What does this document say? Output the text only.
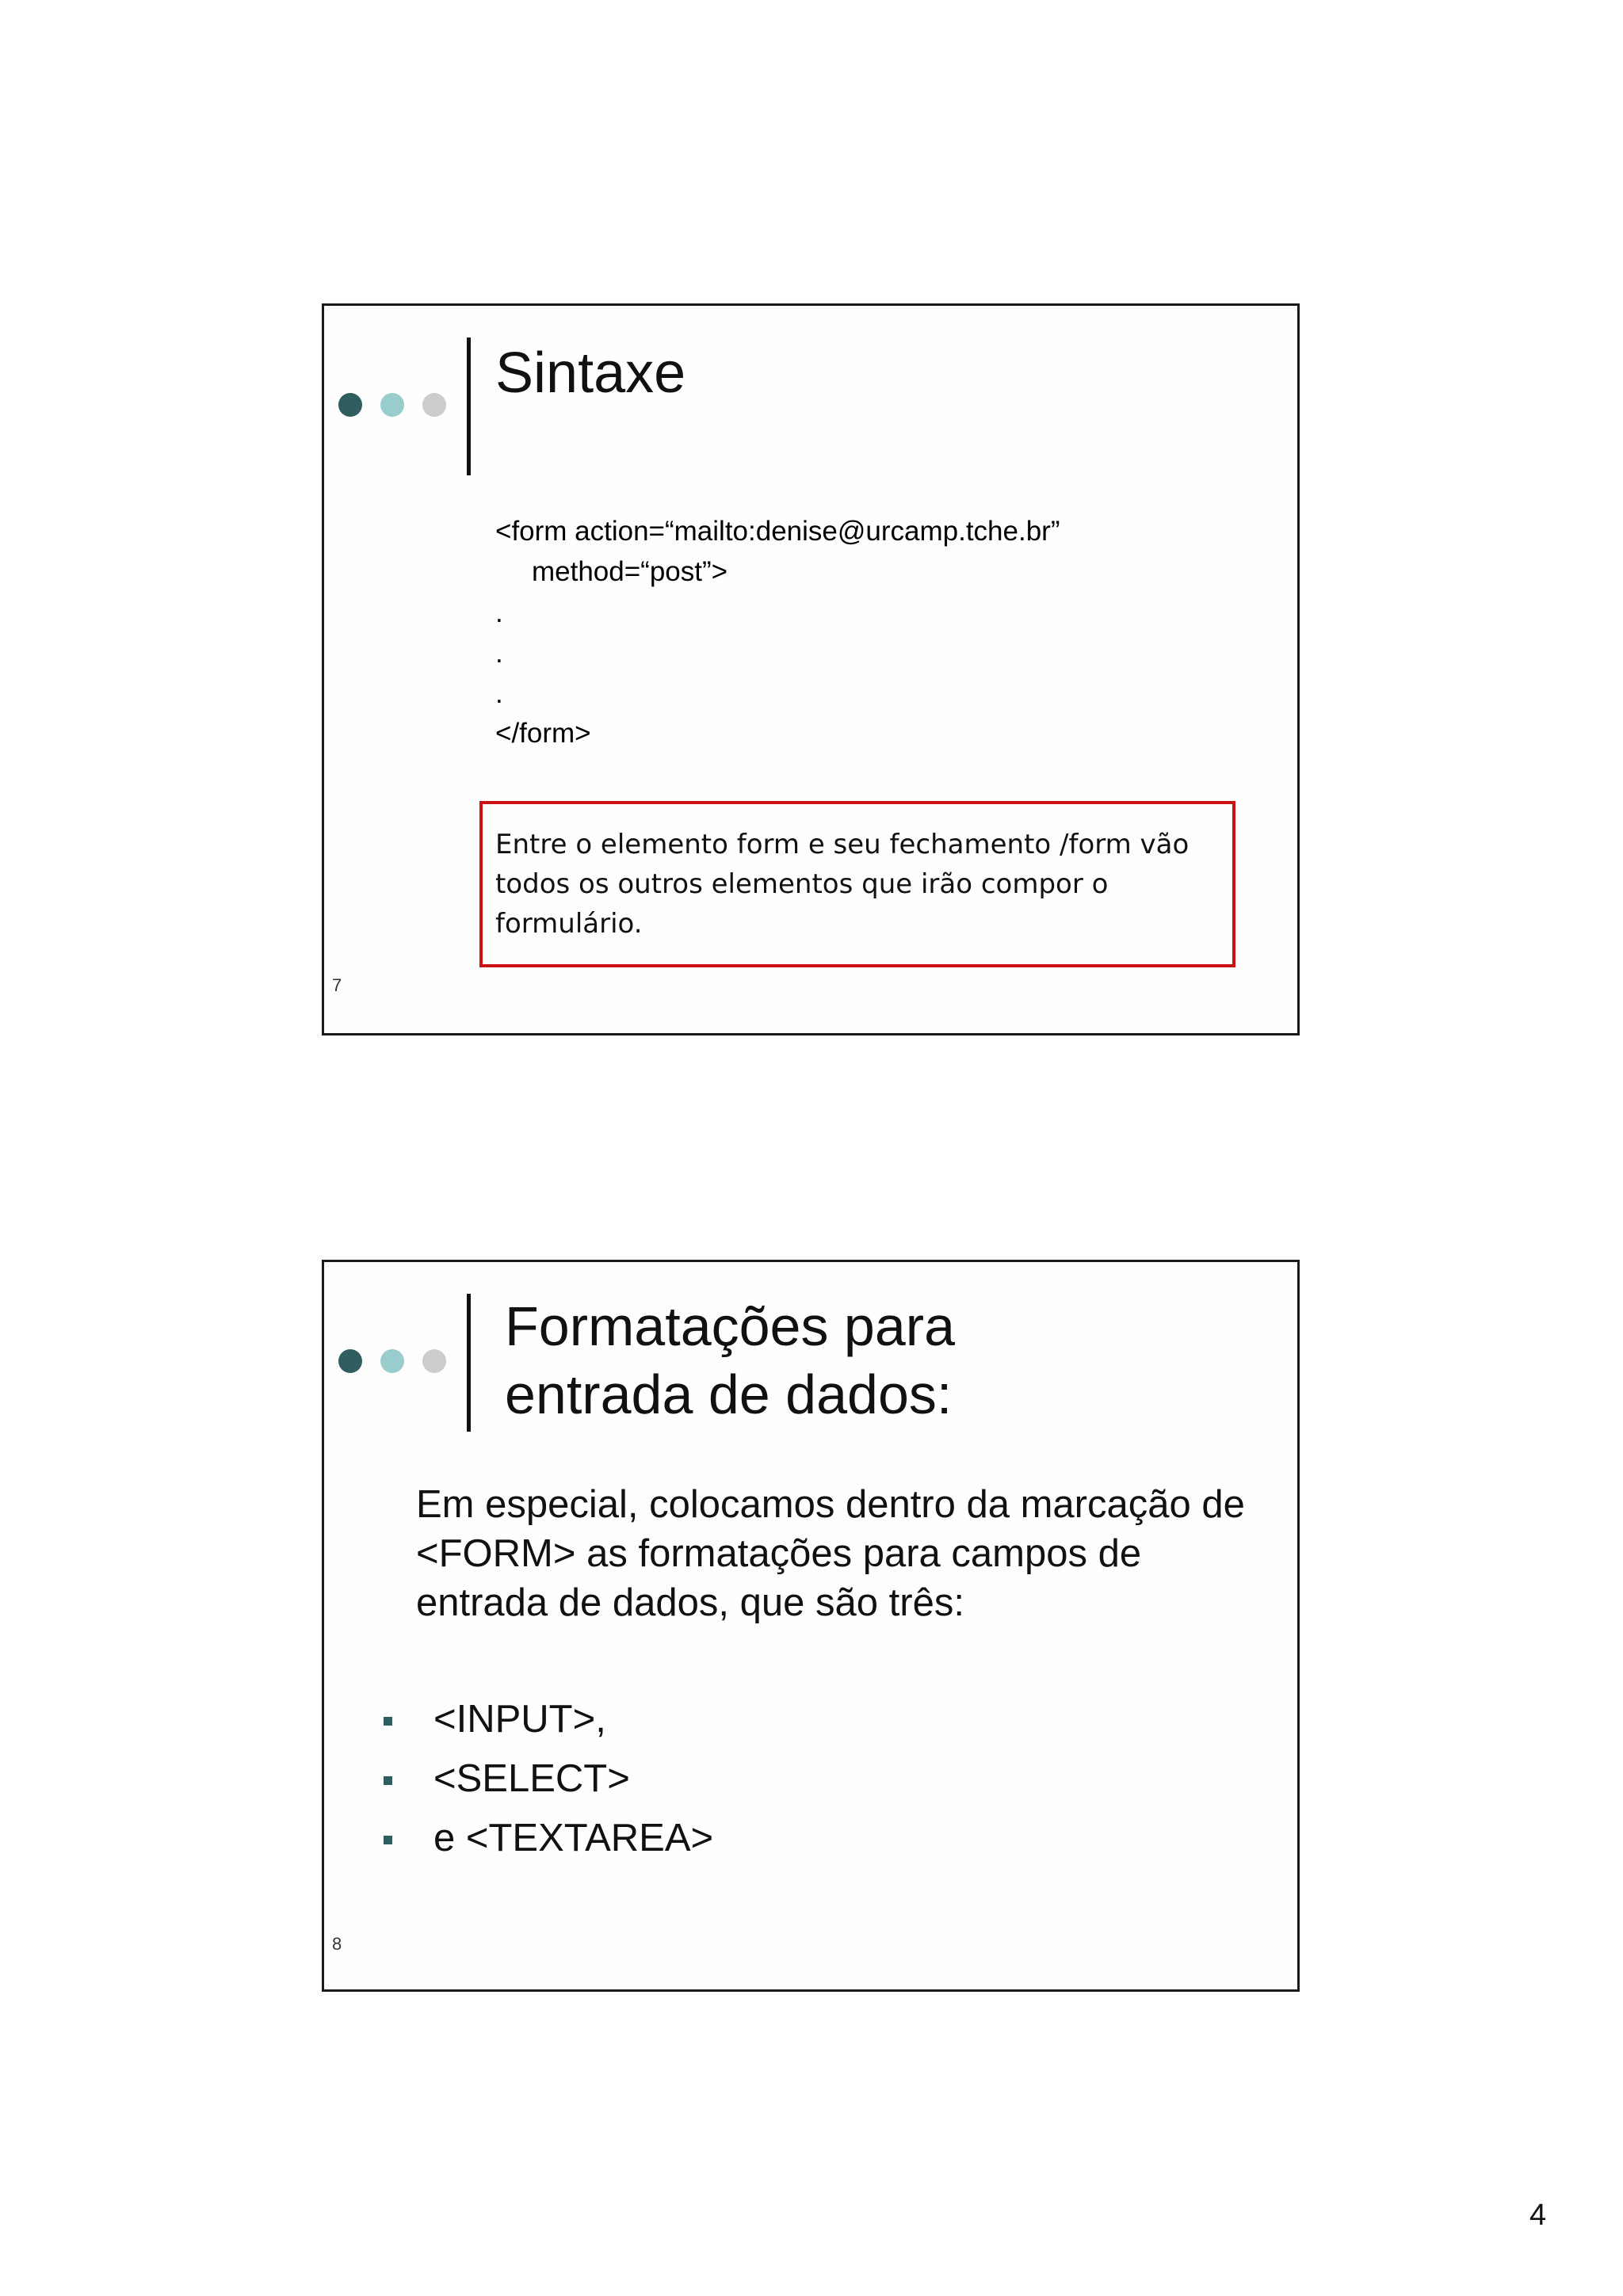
Sintaxe
<form action=“mailto:denise@urcamp.tche.br”
method=“post”>
.
.
.
</form>
Entre o elemento form e seu fechamento /form vão todos os outros elementos que irão compor o formulário.
7
Formatações para entrada de dados:
Em especial, colocamos dentro da marcação de <FORM> as formatações para campos de entrada de dados, que são três:
<INPUT>,
<SELECT>
e <TEXTAREA>
8
4
